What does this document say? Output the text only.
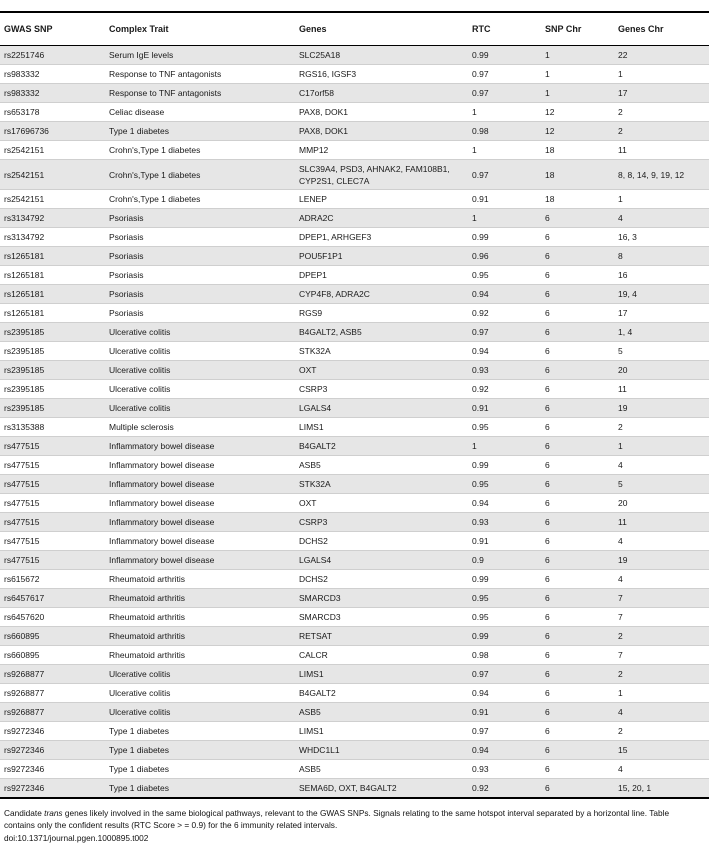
GWAS SNP	Complex Trait	Genes	RTC	SNP Chr	Genes Chr
rs2251746	Serum IgE levels	SLC25A18	0.99	1	22
rs983332	Response to TNF antagonists	RGS16, IGSF3	0.97	1	1
rs983332	Response to TNF antagonists	C17orf58	0.97	1	17
rs653178	Celiac disease	PAX8, DOK1	1	12	2
rs17696736	Type 1 diabetes	PAX8, DOK1	0.98	12	2
rs2542151	Crohn's,Type 1 diabetes	MMP12	1	18	11
rs2542151	Crohn's,Type 1 diabetes	SLC39A4, PSD3, AHNAK2, FAM108B1, CYP2S1, CLEC7A	0.97	18	8, 8, 14, 9, 19, 12
rs2542151	Crohn's,Type 1 diabetes	LENEP	0.91	18	1
rs3134792	Psoriasis	ADRA2C	1	6	4
rs3134792	Psoriasis	DPEP1, ARHGEF3	0.99	6	16, 3
rs1265181	Psoriasis	POU5F1P1	0.96	6	8
rs1265181	Psoriasis	DPEP1	0.95	6	16
rs1265181	Psoriasis	CYP4F8, ADRA2C	0.94	6	19, 4
rs1265181	Psoriasis	RGS9	0.92	6	17
rs2395185	Ulcerative colitis	B4GALT2, ASB5	0.97	6	1, 4
rs2395185	Ulcerative colitis	STK32A	0.94	6	5
rs2395185	Ulcerative colitis	OXT	0.93	6	20
rs2395185	Ulcerative colitis	CSRP3	0.92	6	11
rs2395185	Ulcerative colitis	LGALS4	0.91	6	19
rs3135388	Multiple sclerosis	LIMS1	0.95	6	2
rs477515	Inflammatory bowel disease	B4GALT2	1	6	1
rs477515	Inflammatory bowel disease	ASB5	0.99	6	4
rs477515	Inflammatory bowel disease	STK32A	0.95	6	5
rs477515	Inflammatory bowel disease	OXT	0.94	6	20
rs477515	Inflammatory bowel disease	CSRP3	0.93	6	11
rs477515	Inflammatory bowel disease	DCHS2	0.91	6	4
rs477515	Inflammatory bowel disease	LGALS4	0.9	6	19
rs615672	Rheumatoid arthritis	DCHS2	0.99	6	4
rs6457617	Rheumatoid arthritis	SMARCD3	0.95	6	7
rs6457620	Rheumatoid arthritis	SMARCD3	0.95	6	7
rs660895	Rheumatoid arthritis	RETSAT	0.99	6	2
rs660895	Rheumatoid arthritis	CALCR	0.98	6	7
rs9268877	Ulcerative colitis	LIMS1	0.97	6	2
rs9268877	Ulcerative colitis	B4GALT2	0.94	6	1
rs9268877	Ulcerative colitis	ASB5	0.91	6	4
rs9272346	Type 1 diabetes	LIMS1	0.97	6	2
rs9272346	Type 1 diabetes	WHDC1L1	0.94	6	15
rs9272346	Type 1 diabetes	ASB5	0.93	6	4
rs9272346	Type 1 diabetes	SEMA6D, OXT, B4GALT2	0.92	6	15, 20, 1
Candidate trans genes likely involved in the same biological pathways, relevant to the GWAS SNPs. Signals relating to the same hotspot interval separated by a horizontal line. Table contains only the confident results (RTC Score > = 0.9) for the 6 immunity related intervals.
doi:10.1371/journal.pgen.1000895.t002
